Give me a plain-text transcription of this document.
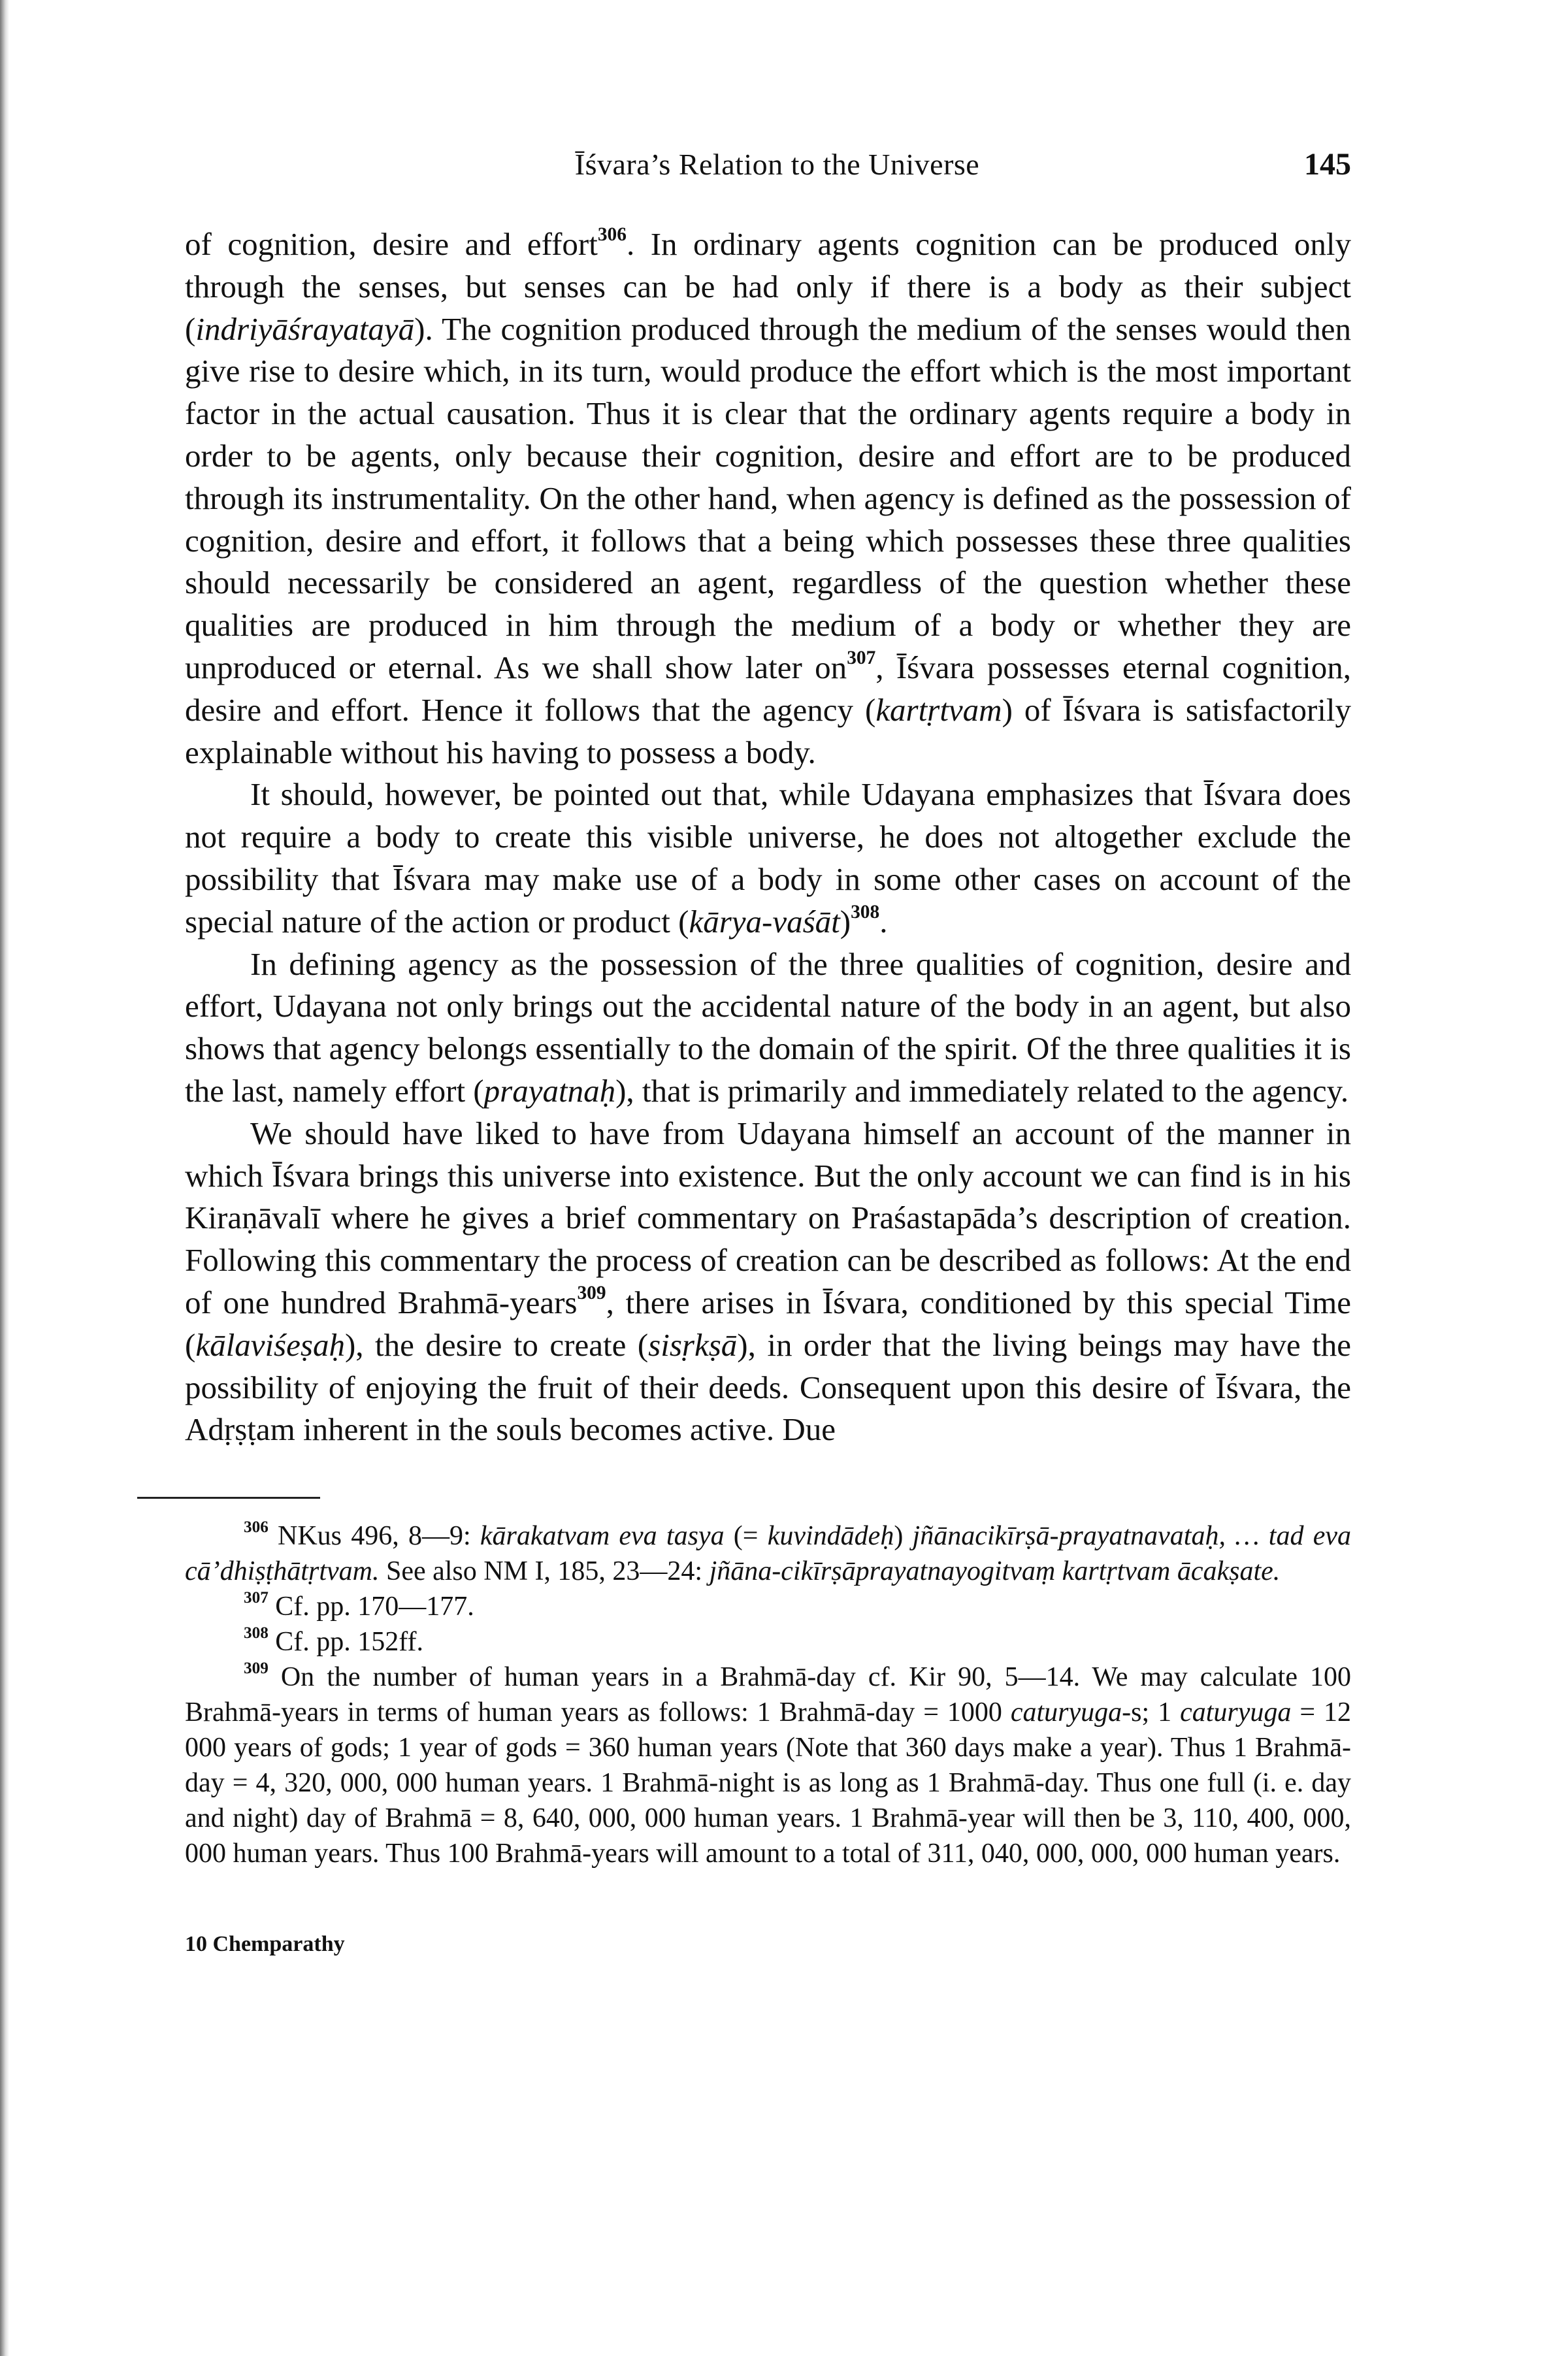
Īśvara’s Relation to the Universe	145

of cognition, desire and effort$^{306}$. In ordinary agents cognition can be produced only through the senses, but senses can be had only if there is a body as their subject (indriyāśrayatayā). The cognition produced through the medium of the senses would then give rise to desire which, in its turn, would produce the effort which is the most important factor in the actual causation. Thus it is clear that the ordinary agents require a body in order to be agents, only because their cognition, desire and effort are to be produced through its instrumentality. On the other hand, when agency is defined as the possession of cognition, desire and effort, it follows that a being which possesses these three qualities should necessarily be considered an agent, regardless of the question whether these qualities are produced in him through the medium of a body or whether they are unproduced or eternal. As we shall show later $on^{307}$, Īśvara possesses eternal cognition, desire and effort. Hence it follows that the agency (kartṛtvam) of Īśvara is satisfactorily explainable without his having to possess a body.

It should, however, be pointed out that, while Udayana emphasizes that Īśvara does not require a body to create this visible universe, he does not altogether exclude the possibility that Īśvara may make use of a body in some other cases on account of the special nature of the action or product (kārya-vaśāt)$^{308}$.

In defining agency as the possession of the three qualities of cognition, desire and effort, Udayana not only brings out the accidental nature of the body in an agent, but also shows that agency belongs essentially to the domain of the spirit. Of the three qualities it is the last, namely effort (prayatnaḥ), that is primarily and immediately related to the agency.

We should have liked to have from Udayana himself an account of the manner in which Īśvara brings this universe into existence. But the only account we can find is in his Kiraṇāvalī where he gives a brief commentary on Praśastapāda’s description of creation. Following this commentary the process of creation can be described as follows: At the end of one hundred Brahmā-years$^{309}$, there arises in Īśvara, conditioned by this special Time (kālaviśeṣaḥ), the desire to create (sisṛkṣā), in order that the living beings may have the possibility of enjoying the fruit of their deeds. Consequent upon this desire of Īśvara, the Adṛṣṭam inherent in the souls becomes active. Due

$^{306}$ NKus 496, 8—9: kārakatvam eva tasya (= kuvindādeḥ) jñānacikīrṣā-prayatnavataḥ, … tad eva cā’dhiṣṭhātṛtvam. See also NM I, 185, 23—24: jñāna-cikīrṣāprayatnayogitvaṃ kartṛtvam ācakṣate.

$^{307}$ Cf. pp. 170—177.

$^{308}$ Cf. pp. 152ff.

$^{309}$ On the number of human years in a Brahmā-day cf. Kir 90, 5—14. We may calculate 100 Brahmā-years in terms of human years as follows: 1 Brahmā-day = 1000 caturyuga-s; 1 caturyuga = 12 000 years of gods; 1 year of gods = 360 human years (Note that 360 days make a year). Thus 1 Brahmā-day = 4, 320, 000, 000 human years. 1 Brahmā-night is as long as 1 Brahmā-day. Thus one full (i. e. day and night) day of Brahmā = 8, 640, 000, 000 human years. 1 Brahmā-year will then be 3, 110, 400, 000, 000 human years. Thus 100 Brahmā-years will amount to a total of 311, 040, 000, 000, 000 human years.

10 Chemparathy
